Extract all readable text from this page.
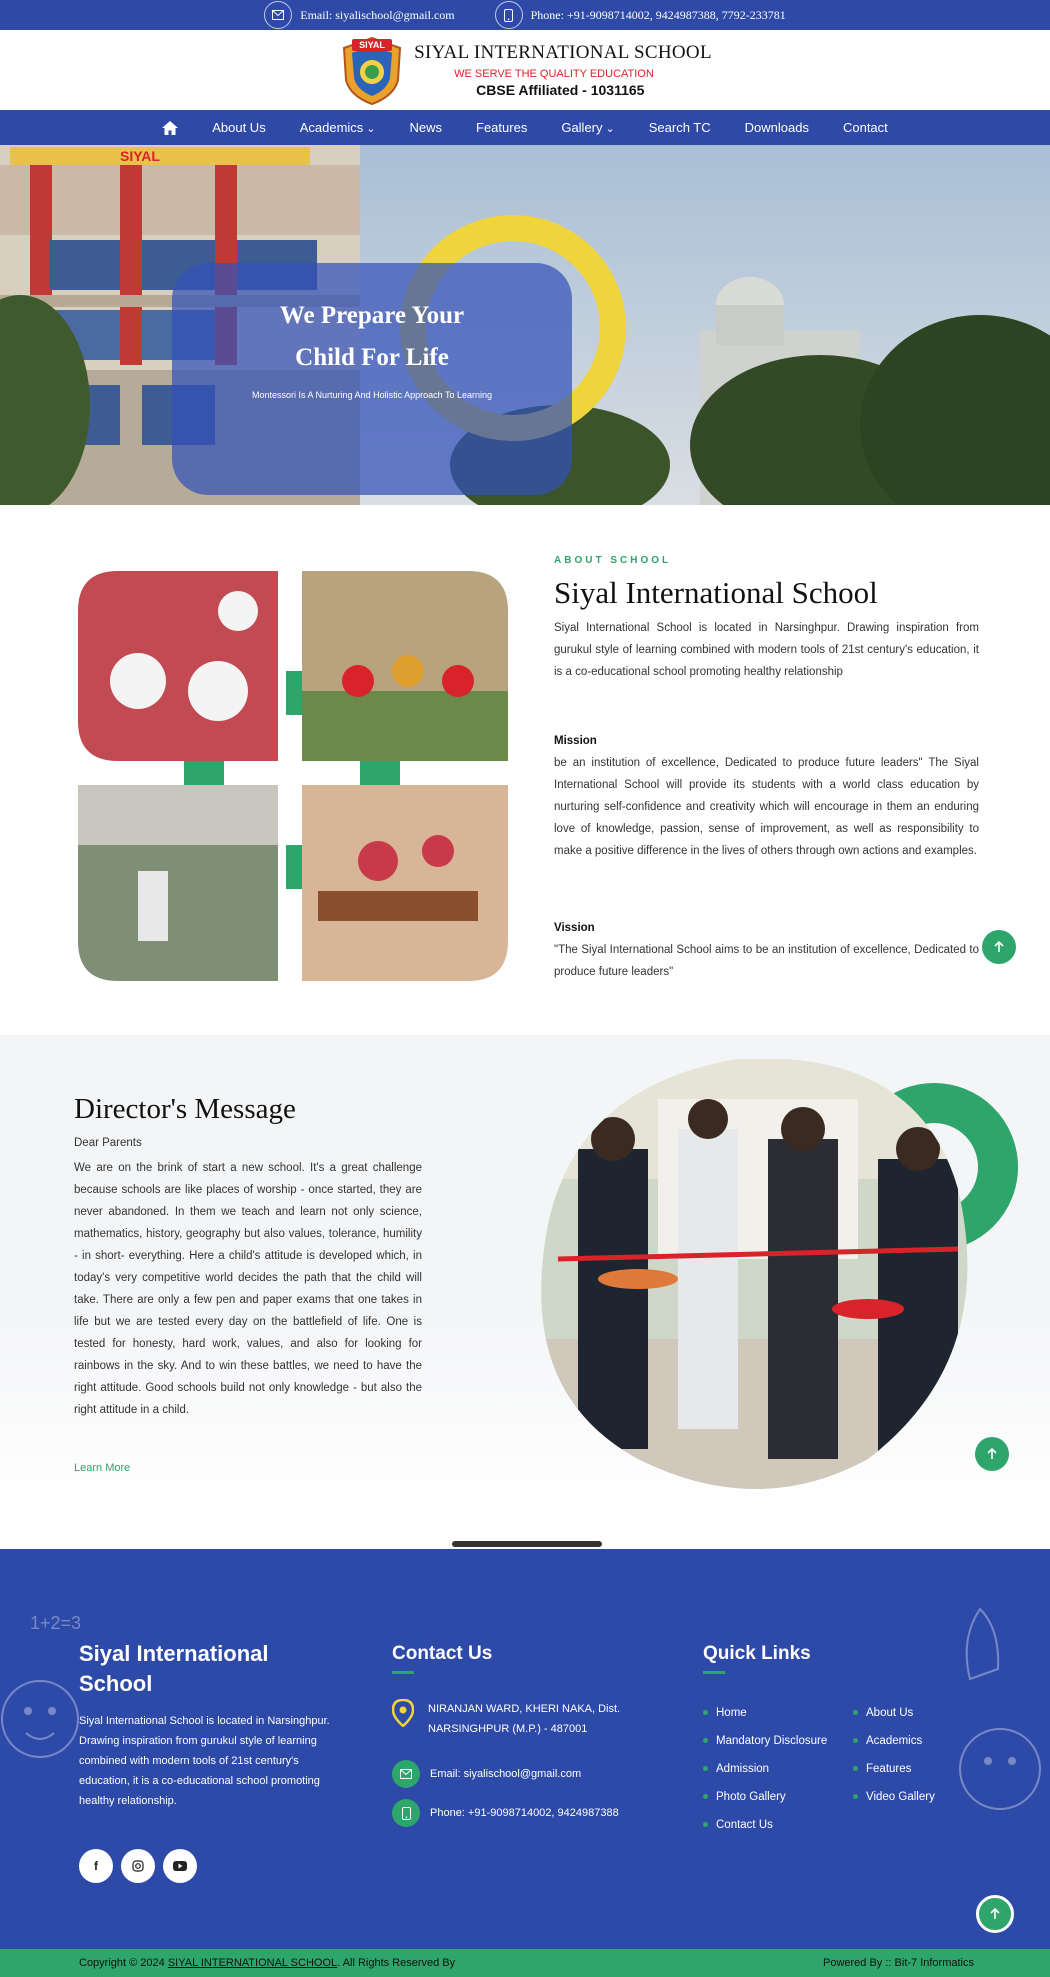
Email: siyalischool@gmail.com	Phone: +91-9098714002, 9424987388, 7792-233781
SIYAL SIYAL INTERNATIONAL SCHOOL
WE SERVE THE QUALITY EDUCATION
CBSE Affiliated - 1031165
About Us	Academics ⌄	News	Features	Gallery ⌄	Search TC	Downloads	Contact
SIYAL
We Prepare Your
Child For Life
Montessori Is A Nurturing And Holistic Approach To Learning
ABOUT SCHOOL
Siyal International School
Siyal International School is located in Narsinghpur. Drawing inspiration from gurukul style of learning combined with modern tools of 21st century's education, it is a co-educational school promoting healthy relationship
Mission
be an institution of excellence, Dedicated to produce future leaders" The Siyal International School will provide its students with a world class education by nurturing self-confidence and creativity which will encourage in them an enduring love of knowledge, passion, sense of improvement, as well as responsibility to make a positive difference in the lives of others through own actions and examples.
Vission
"The Siyal International School aims to be an institution of excellence, Dedicated to produce future leaders"
Director's Message
Dear Parents
We are on the brink of start a new school. It's a great challenge because schools are like places of worship - once started, they are never abandoned. In them we teach and learn not only science, mathematics, history, geography but also values, tolerance, humility - in short- everything. Here a child's attitude is developed which, in today's very competitive world decides the path that the child will take. There are only a few pen and paper exams that one takes in life but we are tested every day on the battlefield of life. One is tested for honesty, hard work, values, and also for looking for rainbows in the sky. And to win these battles, we need to have the right attitude. Good schools build not only knowledge - but also the right attitude in a child.
Learn More
1+2=3
Siyal International School

Siyal International School is located in Narsinghpur. Drawing inspiration from gurukul style of learning combined with modern tools of 21st century's education, it is a co-educational school promoting healthy relationship.

f
Contact Us
NIRANJAN WARD, KHERI NAKA, Dist. NARSINGHPUR (M.P.) - 487001
Email: siyalischool@gmail.com
Phone: +91-9098714002, 9424987388
Quick Links
Home
Mandatory Disclosure
Admission
Photo Gallery
Contact Us
About Us
Academics
Features
Video Gallery
Copyright © 2024 SIYAL INTERNATIONAL SCHOOL. All Rights Reserved By	Powered By :: Bit-7 Informatics
